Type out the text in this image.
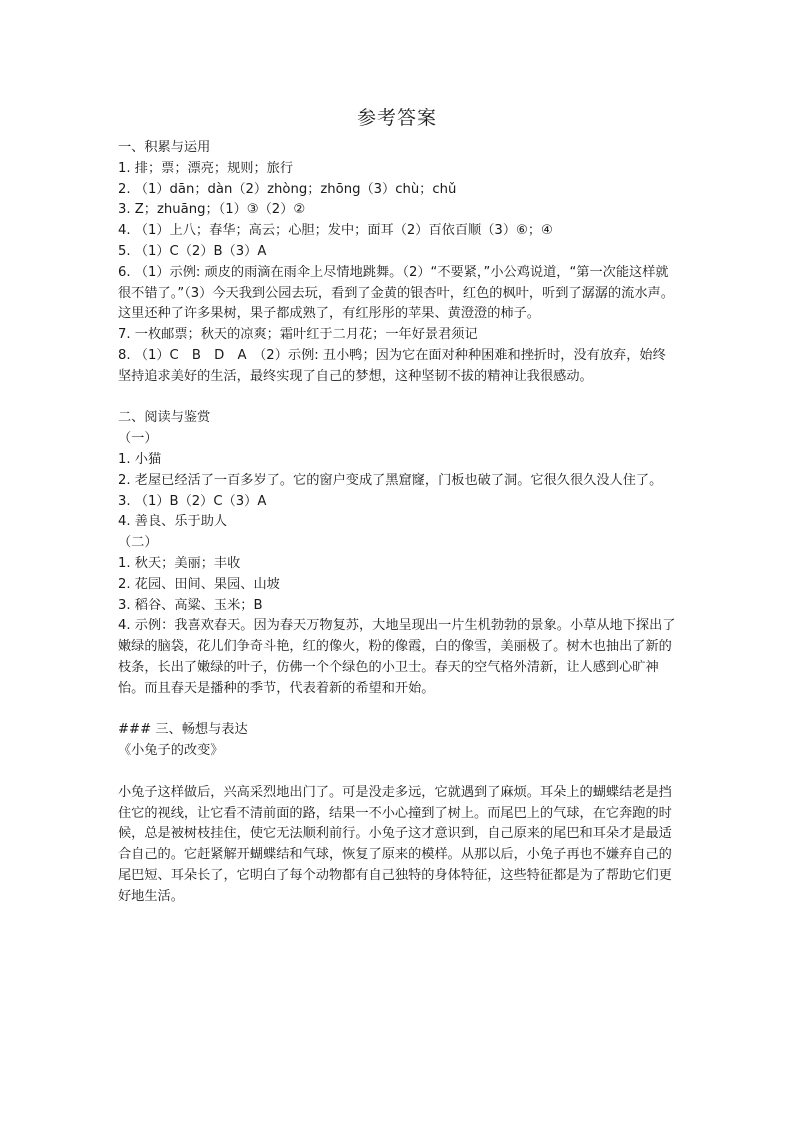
参考答案

一、积累与运用

1. 排；票；漂亮；规则；旅行

2. （1）dān；dàn（2）zhòng；zhōng（3）chù；chǔ

3. Z；zhuāng；（1）③（2）②

4. （1）上八；春华；高云；心胆；发中；面耳（2）百依百顺（3）⑥；④

5. （1）C（2）B（3）A

6. （1）示例: 顽皮的雨滴在雨伞上尽情地跳舞。（2）“不要紧，”小公鸡说道，“第一次能这样就很不错了。”（3）今天我到公园去玩，看到了金黄的银杏叶，红色的枫叶，听到了潺潺的流水声。这里还种了许多果树，果子都成熟了，有红彤彤的苹果、黄澄澄的柿子。

7. 一枚邮票；秋天的凉爽；霜叶红于二月花；一年好景君须记

8. （1）C　B　D　A　（2）示例: 丑小鸭；因为它在面对种种困难和挫折时，没有放弃，始终坚持追求美好的生活，最终实现了自己的梦想，这种坚韧不拔的精神让我很感动。

二、阅读与鉴赏

（一）

1. 小猫

2. 老屋已经活了一百多岁了。它的窗户变成了黑窟窿，门板也破了洞。它很久很久没人住了。

3. （1）B（2）C（3）A

4. 善良、乐于助人

（二）

1. 秋天；美丽；丰收

2. 花园、田间、果园、山坡

3. 稻谷、高粱、玉米；B

4. 示例：我喜欢春天。因为春天万物复苏，大地呈现出一片生机勃勃的景象。小草从地下探出了嫩绿的脑袋，花儿们争奇斗艳，红的像火，粉的像霞，白的像雪，美丽极了。树木也抽出了新的枝条，长出了嫩绿的叶子，仿佛一个个绿色的小卫士。春天的空气格外清新，让人感到心旷神怡。而且春天是播种的季节，代表着新的希望和开始。

### 三、畅想与表达

《小兔子的改变》

小兔子这样做后，兴高采烈地出门了。可是没走多远，它就遇到了麻烦。耳朵上的蝴蝶结老是挡住它的视线，让它看不清前面的路，结果一不小心撞到了树上。而尾巴上的气球，在它奔跑的时候，总是被树枝挂住，使它无法顺利前行。小兔子这才意识到，自己原来的尾巴和耳朵才是最适合自己的。它赶紧解开蝴蝶结和气球，恢复了原来的模样。从那以后，小兔子再也不嫌弃自己的尾巴短、耳朵长了，它明白了每个动物都有自己独特的身体特征，这些特征都是为了帮助它们更好地生活。
